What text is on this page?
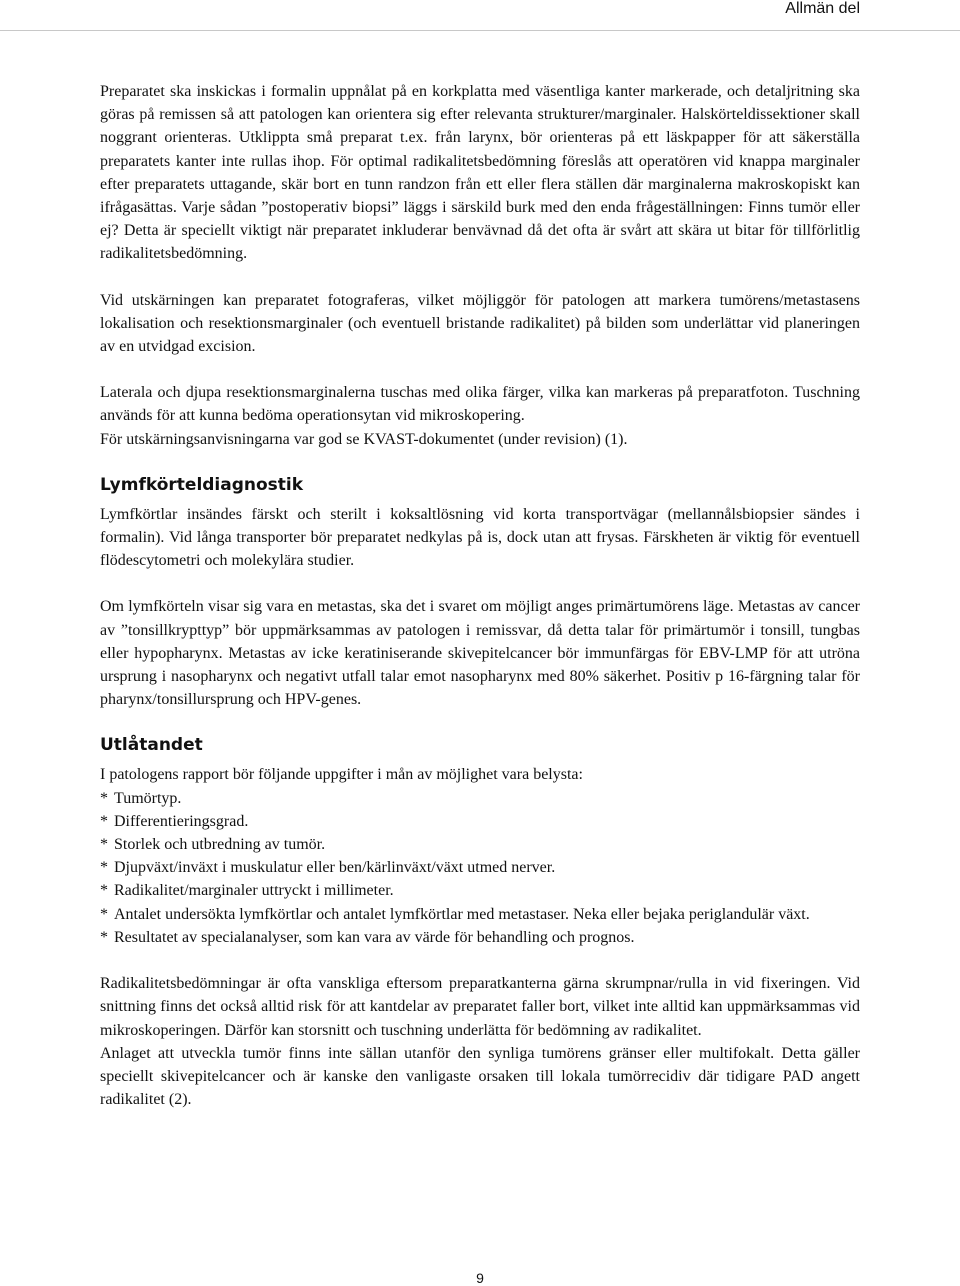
Allmän del

Preparatet ska inskickas i formalin uppnålat på en korkplatta med väsentliga kanter markerade, och detaljritning ska göras på remissen så att patologen kan orientera sig efter relevanta strukturer/marginaler. Halskörteldissektioner skall noggrant orienteras. Utklippta små preparat t.ex. från larynx, bör orienteras på ett läskpapper för att säkerställa preparatets kanter inte rullas ihop. För optimal radikalitetsbedömning föreslås att operatören vid knappa marginaler efter preparatets uttagande, skär bort en tunn randzon från ett eller flera ställen där marginalerna makroskopiskt kan ifrågasättas. Varje sådan ”postoperativ biopsi” läggs i särskild burk med den enda frågeställningen: Finns tumör eller ej? Detta är speciellt viktigt när preparatet inkluderar benvävnad då det ofta är svårt att skära ut bitar för tillförlitlig radikalitetsbedömning.

Vid utskärningen kan preparatet fotograferas, vilket möjliggör för patologen att markera tumörens/metastasens lokalisation och resektionsmarginaler (och eventuell bristande radikalitet) på bilden som underlättar vid planeringen av en utvidgad excision.

Laterala och djupa resektionsmarginalerna tuschas med olika färger, vilka kan markeras på preparatfoton. Tuschning används för att kunna bedöma operationsytan vid mikroskopering.

För utskärningsanvisningarna var god se KVAST-dokumentet (under revision) (1).

Lymfkörteldiagnostik

Lymfkörtlar insändes färskt och sterilt i koksaltlösning vid korta transportvägar (mellannålsbiopsier sändes i formalin). Vid långa transporter bör preparatet nedkylas på is, dock utan att frysas. Färskheten är viktig för eventuell flödescytometri och molekylära studier.

Om lymfkörteln visar sig vara en metastas, ska det i svaret om möjligt anges primärtumörens läge. Metastas av cancer av ”tonsillkrypttyp” bör uppmärksammas av patologen i remissvar, då detta talar för primärtumör i tonsill, tungbas eller hypopharynx. Metastas av icke keratiniserande skivepitelcancer bör immunfärgas för EBV-LMP för att utröna ursprung i nasopharynx och negativt utfall talar emot nasopharynx med 80% säkerhet. Positiv p 16-färgning talar för pharynx/tonsillursprung och HPV-genes.

Utlåtandet

I patologens rapport bör följande uppgifter i mån av möjlighet vara belysta:

* Tumörtyp.
* Differentieringsgrad.
* Storlek och utbredning av tumör.
* Djupväxt/inväxt i muskulatur eller ben/kärlinväxt/växt utmed nerver.
* Radikalitet/marginaler uttryckt i millimeter.
* Antalet undersökta lymfkörtlar och antalet lymfkörtlar med metastaser. Neka eller bejaka periglandulär växt.
* Resultatet av specialanalyser, som kan vara av värde för behandling och prognos.

Radikalitetsbedömningar är ofta vanskliga eftersom preparatkanterna gärna skrumpnar/rulla in vid fixeringen. Vid snittning finns det också alltid risk för att kantdelar av preparatet faller bort, vilket inte alltid kan uppmärksammas vid mikroskoperingen. Därför kan storsnitt och tuschning underlätta för bedömning av radikalitet.

Anlaget att utveckla tumör finns inte sällan utanför den synliga tumörens gränser eller multifokalt. Detta gäller speciellt skivepitelcancer och är kanske den vanligaste orsaken till lokala tumörrecidiv där tidigare PAD angett radikalitet (2).

9
